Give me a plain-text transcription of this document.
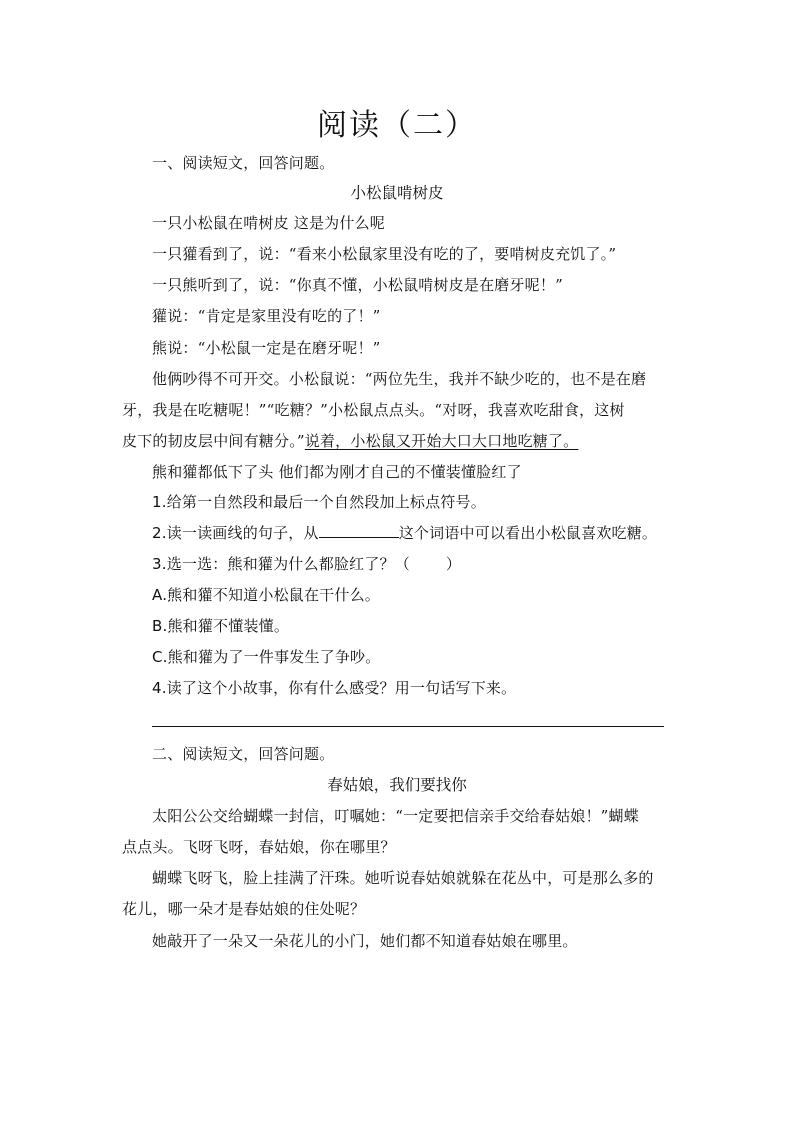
阅读（二）
一、阅读短文，回答问题。
小松鼠啃树皮
一只小松鼠在啃树皮 这是为什么呢
一只獾看到了，说：“看来小松鼠家里没有吃的了，要啃树皮充饥了。”
一只熊听到了，说：“你真不懂，小松鼠啃树皮是在磨牙呢！”
獾说：“肯定是家里没有吃的了！”
熊说：“小松鼠一定是在磨牙呢！”
他俩吵得不可开交。小松鼠说：“两位先生，我并不缺少吃的，也不是在磨
牙，我是在吃糖呢！”“吃糖？”小松鼠点点头。“对呀，我喜欢吃甜食，这树
皮下的韧皮层中间有糖分。”说着，小松鼠又开始大口大口地吃糖了。
熊和獾都低下了头 他们都为刚才自己的不懂装懂脸红了
1.给第一自然段和最后一个自然段加上标点符号。
2.读一读画线的句子，从	这个词语中可以看出小松鼠喜欢吃糖。
3.选一选：熊和獾为什么都脸红了？（ ）
A.熊和獾不知道小松鼠在干什么。
B.熊和獾不懂装懂。
C.熊和獾为了一件事发生了争吵。
4.读了这个小故事，你有什么感受？用一句话写下来。
二、阅读短文，回答问题。
春姑娘，我们要找你
太阳公公交给蝴蝶一封信，叮嘱她：“一定要把信亲手交给春姑娘！”蝴蝶
点点头。飞呀飞呀，春姑娘，你在哪里？
蝴蝶飞呀飞，脸上挂满了汗珠。她听说春姑娘就躲在花丛中，可是那么多的
花儿，哪一朵才是春姑娘的住处呢？
她敲开了一朵又一朵花儿的小门，她们都不知道春姑娘在哪里。
